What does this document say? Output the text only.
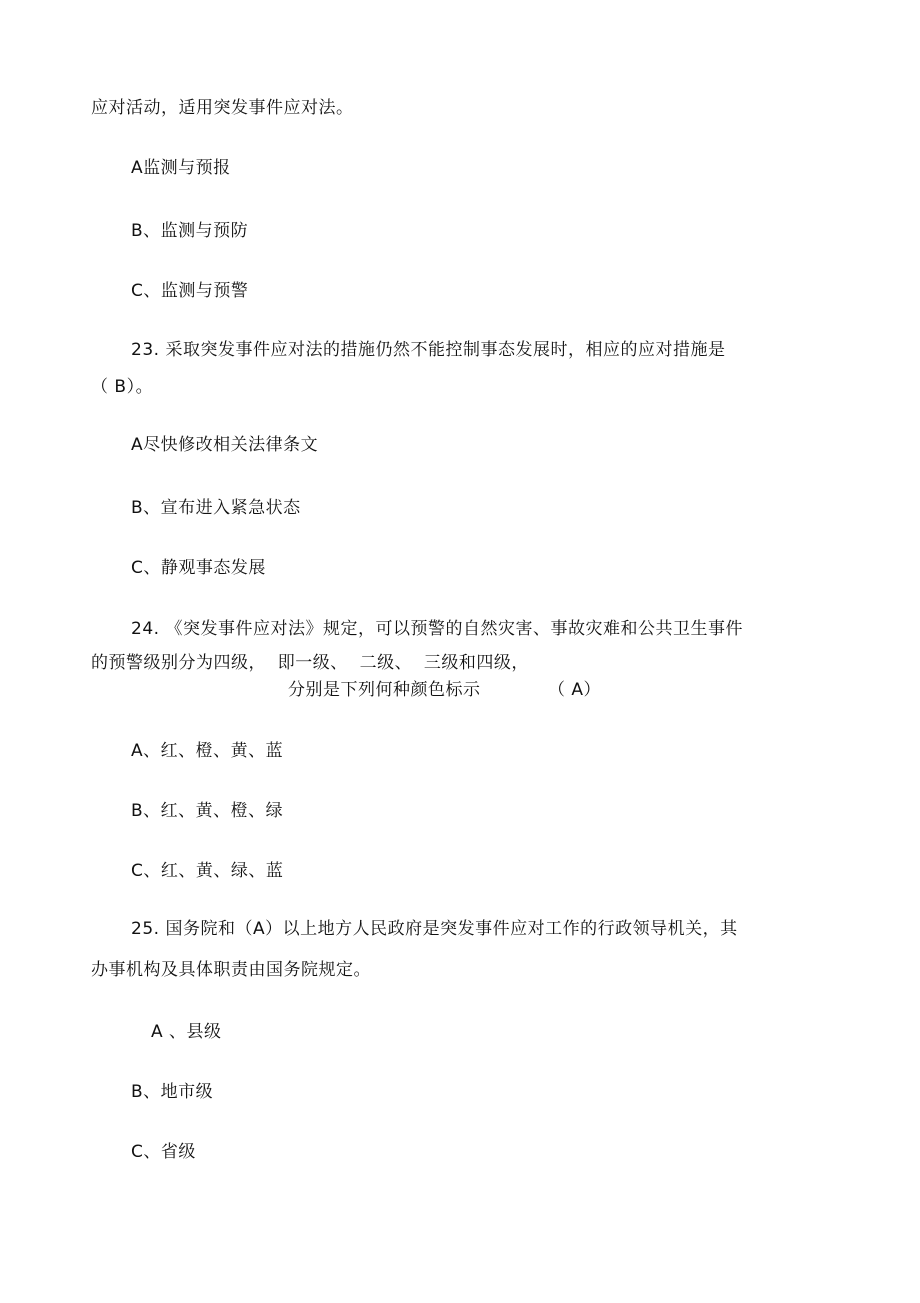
应对活动，适用突发事件应对法。
A监测与预报
B、监测与预防
C、监测与预警
23. 采取突发事件应对法的措施仍然不能控制事态发展时，相应的应对措施是
（ B）。
A尽快修改相关法律条文
B、宣布进入紧急状态
C、静观事态发展
24. 《突发事件应对法》规定，可以预警的自然灾害、事故灾难和公共卫生事件
的预警级别分为四级，  即一级、  二级、  三级和四级，
分别是下列何种颜色标示	（ A）
A、红、橙、黄、蓝
B、红、黄、橙、绿
C、红、黄、绿、蓝
25. 国务院和（A）以上地方人民政府是突发事件应对工作的行政领导机关，其
办事机构及具体职责由国务院规定。
A 、县级
B、地市级
C、省级
